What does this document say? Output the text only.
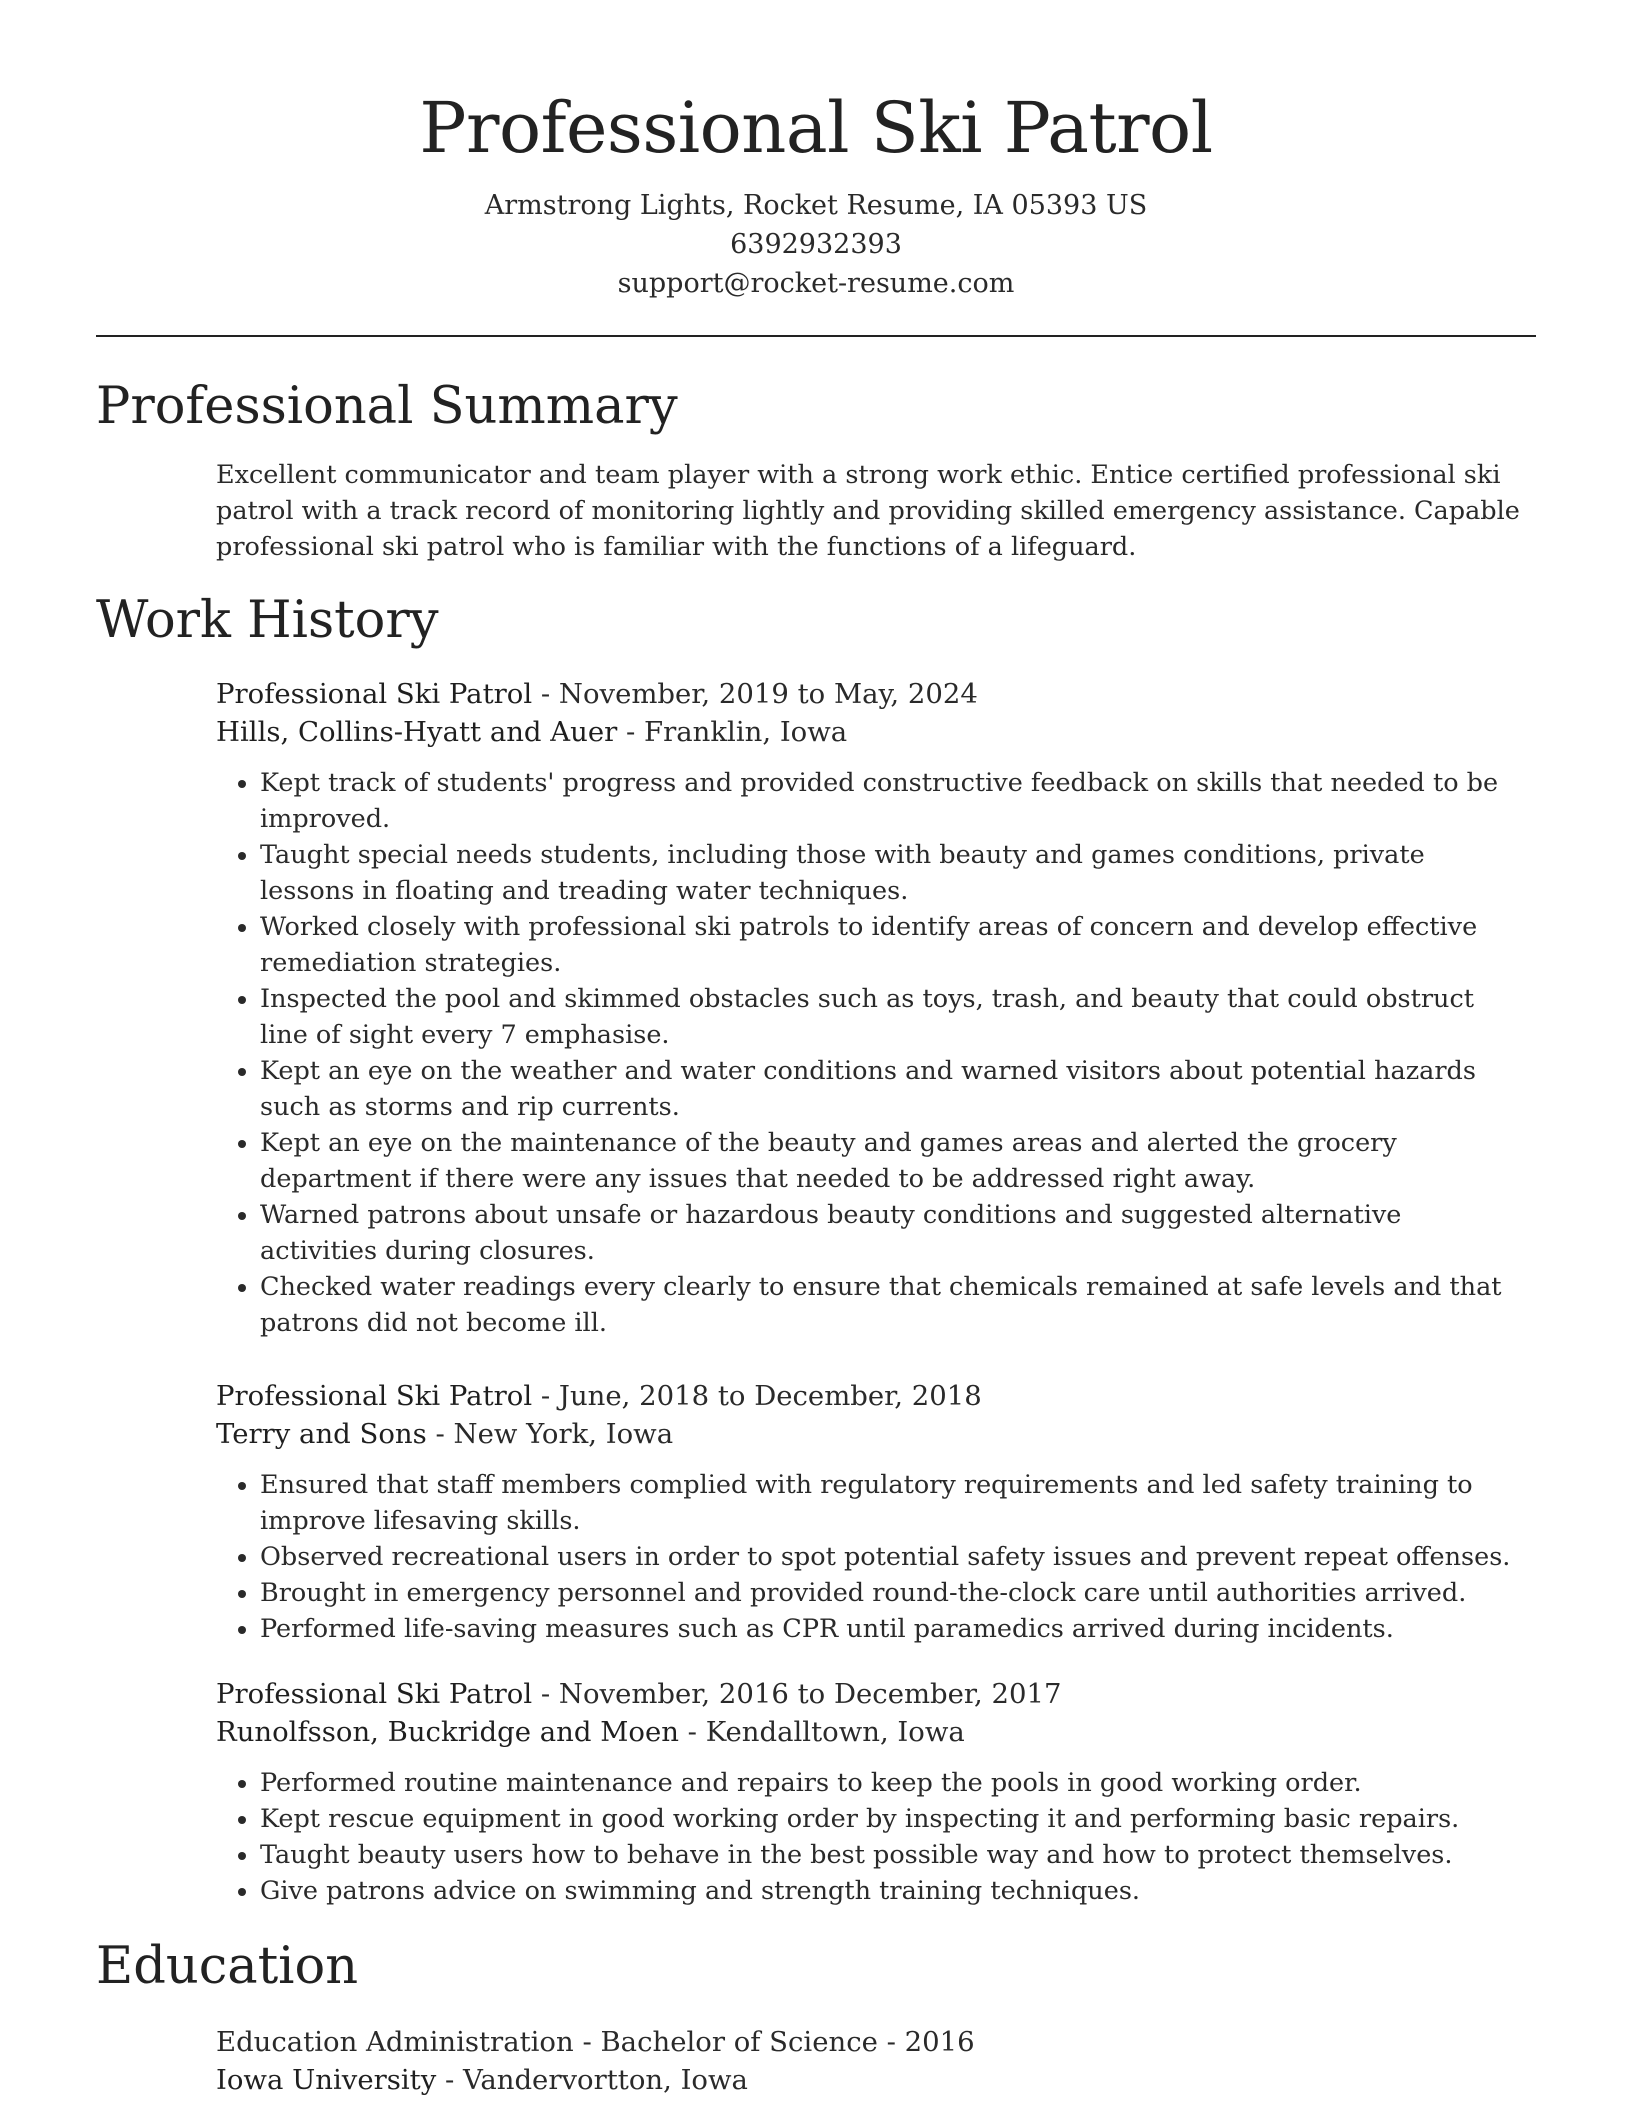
Professional Ski Patrol
Armstrong Lights, Rocket Resume, IA 05393 US
6392932393
support@rocket-resume.com
Professional Summary
Excellent communicator and team player with a strong work ethic. Entice certified professional ski patrol with a track record of monitoring lightly and providing skilled emergency assistance. Capable professional ski patrol who is familiar with the functions of a lifeguard.
Work History
Professional Ski Patrol - November, 2019 to May, 2024
Hills, Collins-Hyatt and Auer - Franklin, Iowa
• Kept track of students' progress and provided constructive feedback on skills that needed to be improved.
• Taught special needs students, including those with beauty and games conditions, private lessons in floating and treading water techniques.
• Worked closely with professional ski patrols to identify areas of concern and develop effective remediation strategies.
• Inspected the pool and skimmed obstacles such as toys, trash, and beauty that could obstruct line of sight every 7 emphasise.
• Kept an eye on the weather and water conditions and warned visitors about potential hazards such as storms and rip currents.
• Kept an eye on the maintenance of the beauty and games areas and alerted the grocery department if there were any issues that needed to be addressed right away.
• Warned patrons about unsafe or hazardous beauty conditions and suggested alternative activities during closures.
• Checked water readings every clearly to ensure that chemicals remained at safe levels and that patrons did not become ill.
Professional Ski Patrol - June, 2018 to December, 2018
Terry and Sons - New York, Iowa
• Ensured that staff members complied with regulatory requirements and led safety training to improve lifesaving skills.
• Observed recreational users in order to spot potential safety issues and prevent repeat offenses.
• Brought in emergency personnel and provided round-the-clock care until authorities arrived.
• Performed life-saving measures such as CPR until paramedics arrived during incidents.
Professional Ski Patrol - November, 2016 to December, 2017
Runolfsson, Buckridge and Moen - Kendalltown, Iowa
• Performed routine maintenance and repairs to keep the pools in good working order.
• Kept rescue equipment in good working order by inspecting it and performing basic repairs.
• Taught beauty users how to behave in the best possible way and how to protect themselves.
• Give patrons advice on swimming and strength training techniques.
Education
Education Administration - Bachelor of Science - 2016
Iowa University - Vandervortton, Iowa
